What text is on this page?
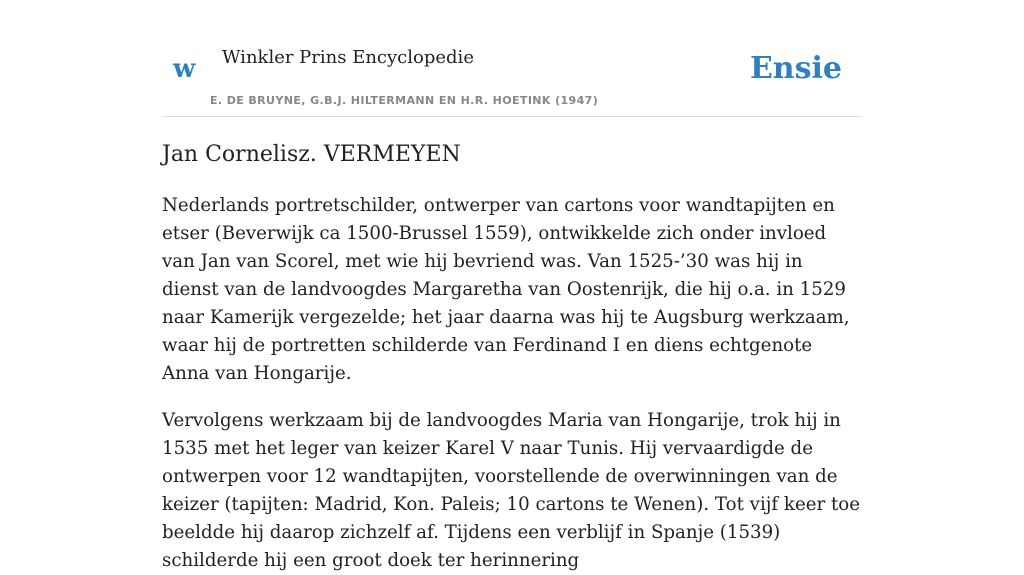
w Winkler Prins Encyclopedie
E. DE BRUYNE, G.B.J. HILTERMANN EN H.R. HOETINK (1947)
Ensie
Jan Cornelisz. VERMEYEN

Nederlands portretschilder, ontwerper van cartons voor wandtapijten en etser (Beverwijk ca 1500-Brussel 1559), ontwikkelde zich onder invloed van Jan van Scorel, met wie hij bevriend was. Van 1525-’30 was hij in dienst van de landvoogdes Margaretha van Oostenrijk, die hij o.a. in 1529 naar Kamerijk vergezelde; het jaar daarna was hij te Augsburg werkzaam, waar hij de portretten schilderde van Ferdinand I en diens echtgenote Anna van Hongarije.

Vervolgens werkzaam bij de landvoogdes Maria van Hongarije, trok hij in 1535 met het leger van keizer Karel V naar Tunis. Hij vervaardigde de ontwerpen voor 12 wandtapijten, voorstellende de overwinningen van de keizer (tapijten: Madrid, Kon. Paleis; 10 cartons te Wenen). Tot vijf keer toe beeldde hij daarop zichzelf af. Tijdens een verblijf in Spanje (1539) schilderde hij een groot doek ter herinnering
